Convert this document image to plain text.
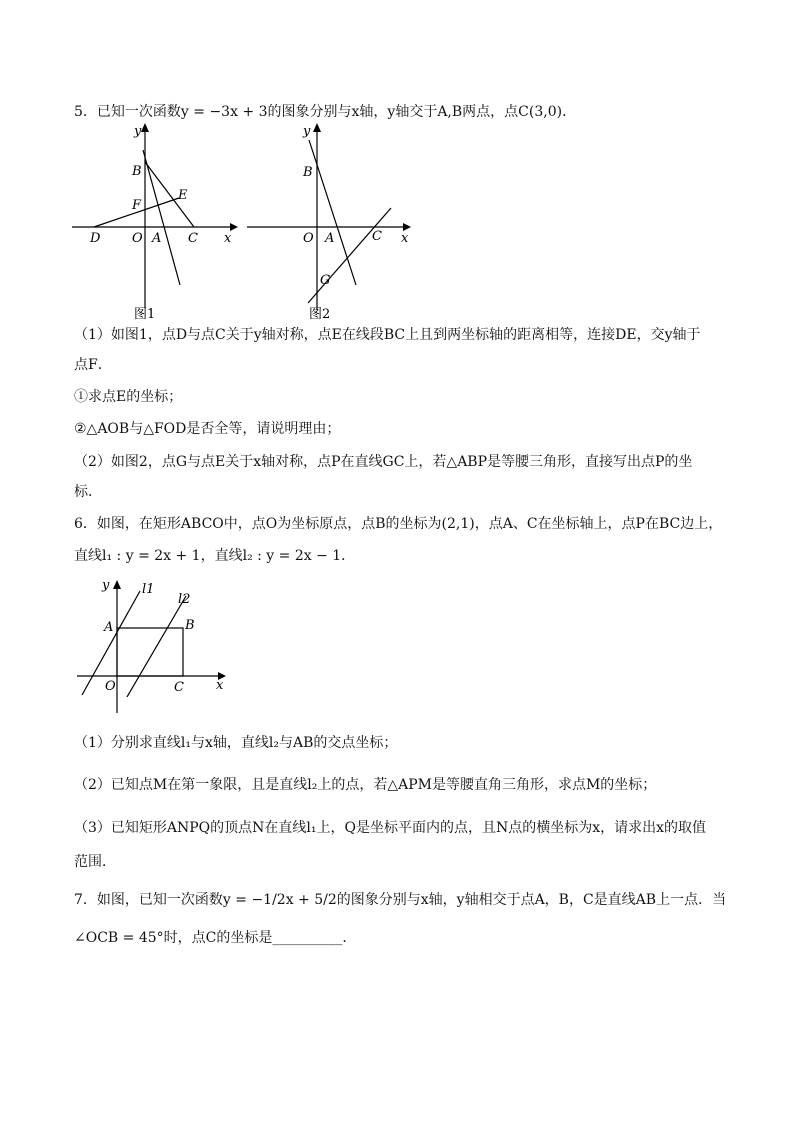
5．已知一次函数y = −3x + 3的图象分别与x轴，y轴交于A,B两点，点C(3,0)．
y
x
B
E
F
D O A C
图1
y
x
B
O A	C
G
图2
（1）如图1，点D与点C关于y轴对称，点E在线段BC上且到两坐标轴的距离相等，连接DE，交y轴于
点F．
①求点E的坐标；
②△AOB与△FOD是否全等，请说明理由；
（2）如图2，点G与点E关于x轴对称，点P在直线GC上，若△ABP是等腰三角形，直接写出点P的坐
标．
6．如图，在矩形ABCO中，点O为坐标原点，点B的坐标为(2,1)，点A、C在坐标轴上，点P在BC边上，
直线l₁ : y = 2x + 1，直线l₂ : y = 2x − 1．
y	l1
l2
A	B
O	C x
（1）分别求直线l₁与x轴，直线l₂与AB的交点坐标；
（2）已知点M在第一象限，且是直线l₂上的点，若△APM是等腰直角三角形，求点M的坐标；
（3）已知矩形ANPQ的顶点N在直线l₁上，Q是坐标平面内的点，且N点的横坐标为x，请求出x的取值
范围．
7．如图，已知一次函数y = −1/2x + 5/2的图象分别与x轴，y轴相交于点A，B，C是直线AB上一点．当
∠OCB = 45°时，点C的坐标是__________．
